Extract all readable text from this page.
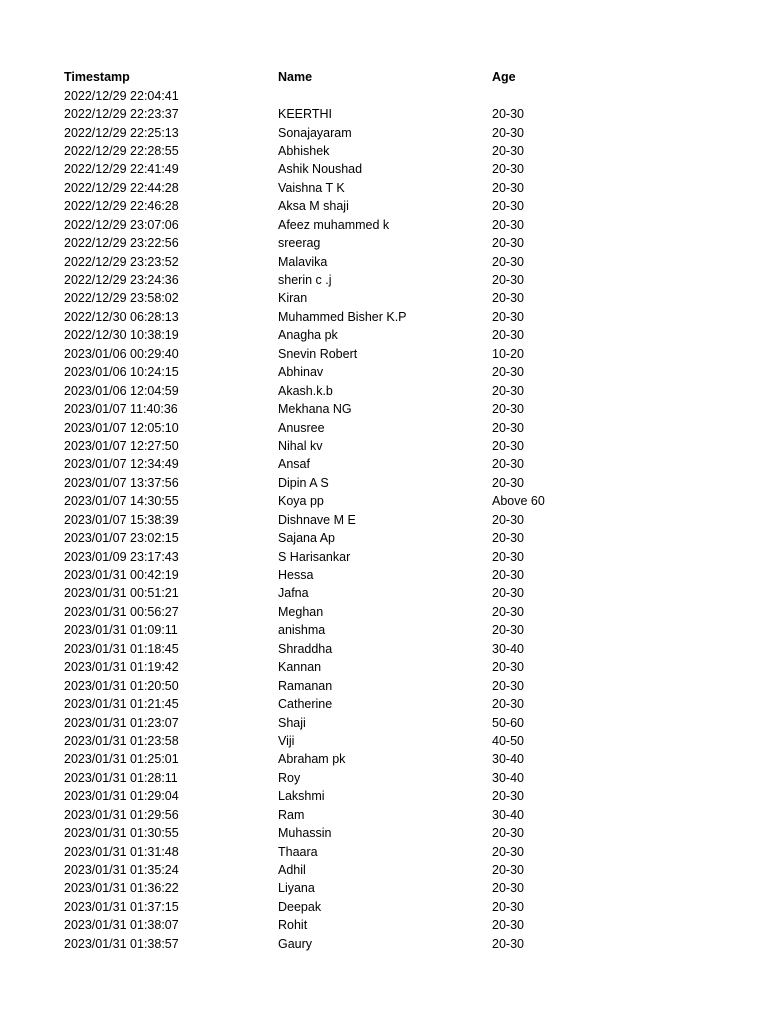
Timestamp	Name	Age
2022/12/29 22:04:41
2022/12/29 22:23:37	KEERTHI	20-30
2022/12/29 22:25:13	Sonajayaram	20-30
2022/12/29 22:28:55	Abhishek	20-30
2022/12/29 22:41:49	Ashik Noushad	20-30
2022/12/29 22:44:28	Vaishna T K	20-30
2022/12/29 22:46:28	Aksa M shaji	20-30
2022/12/29 23:07:06	Afeez muhammed k	20-30
2022/12/29 23:22:56	sreerag	20-30
2022/12/29 23:23:52	Malavika	20-30
2022/12/29 23:24:36	sherin c .j	20-30
2022/12/29 23:58:02	Kiran	20-30
2022/12/30 06:28:13	Muhammed Bisher K.P	20-30
2022/12/30 10:38:19	Anagha pk	20-30
2023/01/06 00:29:40	Snevin Robert	10-20
2023/01/06 10:24:15	Abhinav	20-30
2023/01/06 12:04:59	Akash.k.b	20-30
2023/01/07 11:40:36	Mekhana NG	20-30
2023/01/07 12:05:10	Anusree	20-30
2023/01/07 12:27:50	Nihal kv	20-30
2023/01/07 12:34:49	Ansaf	20-30
2023/01/07 13:37:56	Dipin A S	20-30
2023/01/07 14:30:55	Koya pp	Above 60
2023/01/07 15:38:39	Dishnave M E	20-30
2023/01/07 23:02:15	Sajana Ap	20-30
2023/01/09 23:17:43	S Harisankar	20-30
2023/01/31 00:42:19	Hessa	20-30
2023/01/31 00:51:21	Jafna	20-30
2023/01/31 00:56:27	Meghan	20-30
2023/01/31 01:09:11	anishma	20-30
2023/01/31 01:18:45	Shraddha	30-40
2023/01/31 01:19:42	Kannan	20-30
2023/01/31 01:20:50	Ramanan	20-30
2023/01/31 01:21:45	Catherine	20-30
2023/01/31 01:23:07	Shaji	50-60
2023/01/31 01:23:58	Viji	40-50
2023/01/31 01:25:01	Abraham pk	30-40
2023/01/31 01:28:11	Roy	30-40
2023/01/31 01:29:04	Lakshmi	20-30
2023/01/31 01:29:56	Ram	30-40
2023/01/31 01:30:55	Muhassin	20-30
2023/01/31 01:31:48	Thaara	20-30
2023/01/31 01:35:24	Adhil	20-30
2023/01/31 01:36:22	Liyana	20-30
2023/01/31 01:37:15	Deepak	20-30
2023/01/31 01:38:07	Rohit	20-30
2023/01/31 01:38:57	Gaury	20-30
